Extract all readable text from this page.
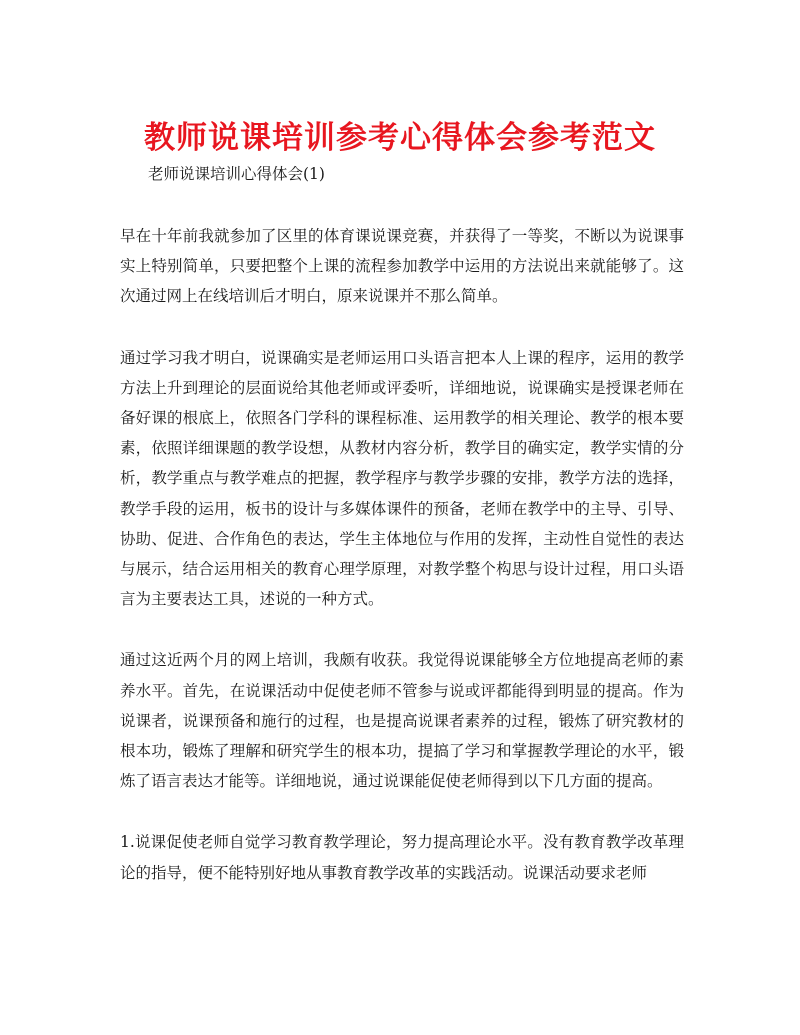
教师说课培训参考心得体会参考范文

老师说课培训心得体会(1)

早在十年前我就参加了区里的体育课说课竞赛，并获得了一等奖，不断以为说课事实上特别简单，只要把整个上课的流程参加教学中运用的方法说出来就能够了。这次通过网上在线培训后才明白，原来说课并不那么简单。

通过学习我才明白，说课确实是老师运用口头语言把本人上课的程序，运用的教学方法上升到理论的层面说给其他老师或评委听，详细地说，说课确实是授课老师在备好课的根底上，依照各门学科的课程标准、运用教学的相关理论、教学的根本要素，依照详细课题的教学设想，从教材内容分析，教学目的确实定，教学实情的分析，教学重点与教学难点的把握，教学程序与教学步骤的安排，教学方法的选择，教学手段的运用，板书的设计与多媒体课件的预备，老师在教学中的主导、引导、协助、促进、合作角色的表达，学生主体地位与作用的发挥，主动性自觉性的表达与展示，结合运用相关的教育心理学原理，对教学整个构思与设计过程，用口头语言为主要表达工具，述说的一种方式。

通过这近两个月的网上培训，我颇有收获。我觉得说课能够全方位地提高老师的素养水平。首先，在说课活动中促使老师不管参与说或评都能得到明显的提高。作为说课者，说课预备和施行的过程，也是提高说课者素养的过程，锻炼了研究教材的根本功，锻炼了理解和研究学生的根本功，提搞了学习和掌握教学理论的水平，锻炼了语言表达才能等。详细地说，通过说课能促使老师得到以下几方面的提高。

1.说课促使老师自觉学习教育教学理论，努力提高理论水平。没有教育教学改革理论的指导，便不能特别好地从事教育教学改革的实践活动。说课活动要求老师
